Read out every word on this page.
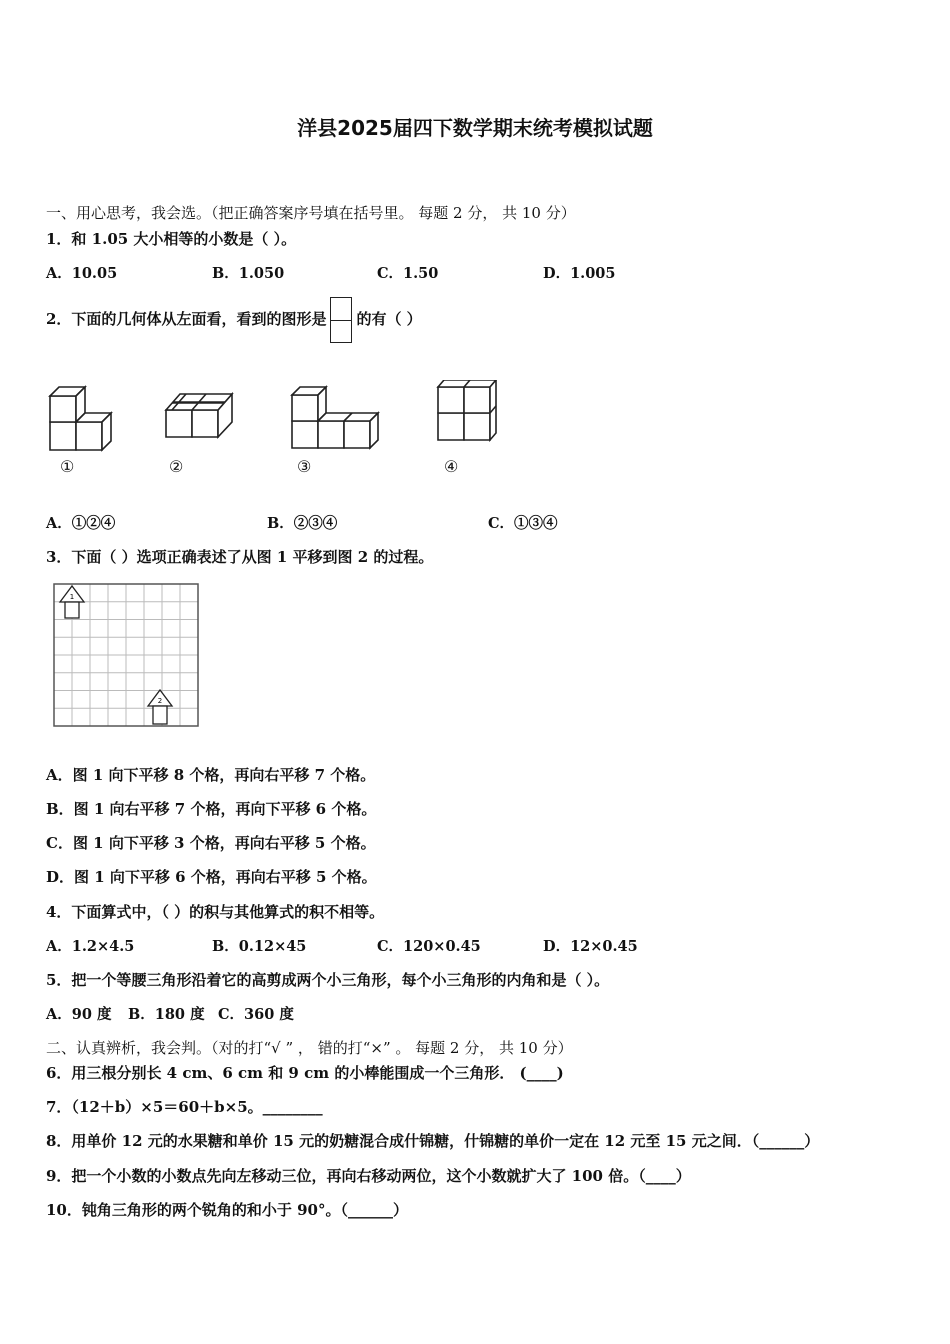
洋县2025届四下数学期末统考模拟试题
一、用心思考，我会选。（把正确答案序号填在括号里。 每题 2 分， 共 10 分）
1．和 1.05 大小相等的小数是（ ）。
A．10.05	B．1.050	C．1.50	D．1.005
2．下面的几何体从左面看，看到的图形是 的有（ ）
①	②	③	④
A．①②④	B．②③④	C．①③④
3．下面（ ）选项正确表述了从图 1 平移到图 2 的过程。
1
2
A．图 1 向下平移 8 个格，再向右平移 7 个格。
B．图 1 向右平移 7 个格，再向下平移 6 个格。
C．图 1 向下平移 3 个格，再向右平移 5 个格。
D．图 1 向下平移 6 个格，再向右平移 5 个格。
4．下面算式中，（ ）的积与其他算式的积不相等。
A．1.2×4.5	B．0.12×45	C．120×0.45	D．12×0.45
5．把一个等腰三角形沿着它的高剪成两个小三角形，每个小三角形的内角和是（ ）。
A．90 度 B．180 度 C．360 度
二、认真辨析，我会判。（对的打“√ ” ， 错的打“×” 。 每题 2 分， 共 10 分）
6．用三根分别长 4 cm、6 cm 和 9 cm 的小棒能围成一个三角形． (____)
7．（12＋b）×5＝60＋b×5。________
8．用单价 12 元的水果糖和单价 15 元的奶糖混合成什锦糖，什锦糖的单价一定在 12 元至 15 元之间．（______）
9．把一个小数的小数点先向左移动三位，再向右移动两位，这个小数就扩大了 100 倍。（____）
10．钝角三角形的两个锐角的和小于 90°。（______）
